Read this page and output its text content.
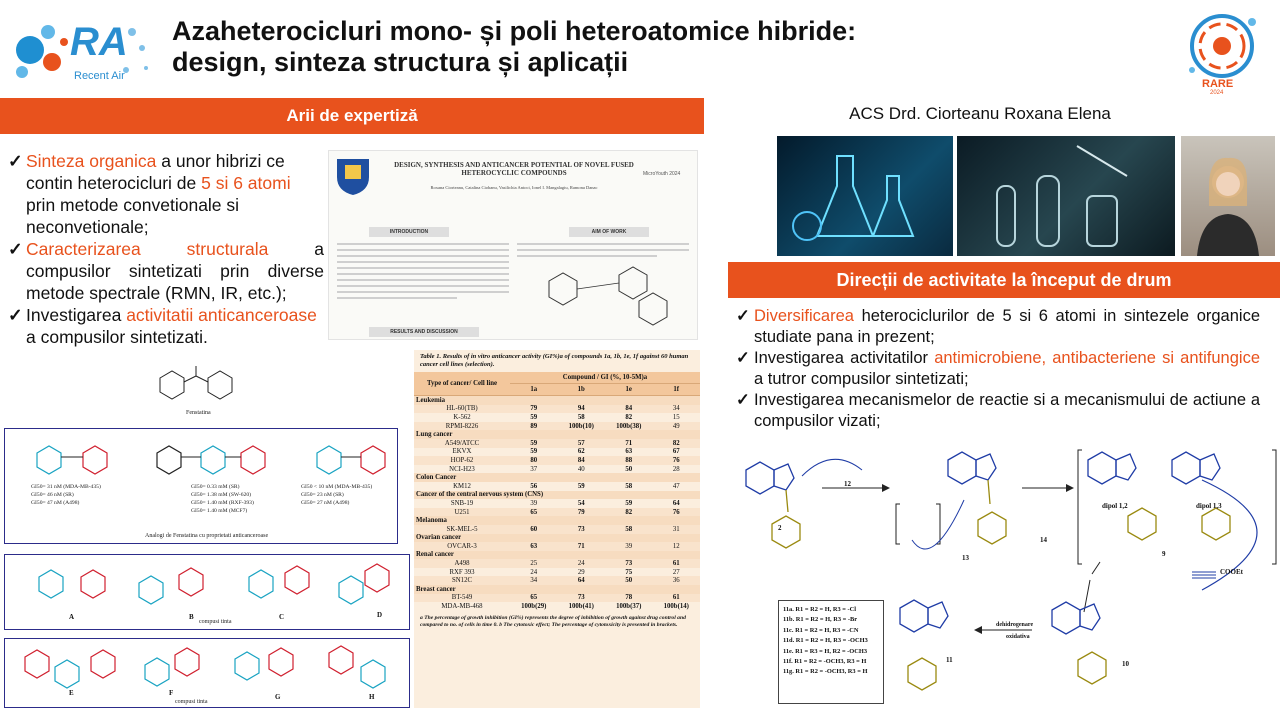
RA
Recent Air
Azaheterocicluri mono- și poli heteroatomice hibride:
design, sinteza structura și aplicații
RARE
2024
Arii de expertiză
✓ Sinteza organica a unor hibrizi ce contin heterocicluri de 5 si 6 atomi prin metode convetionale si neconvetionale;
✓ Caracterizarea structurala a compusilor sintetizati prin diverse metode spectrale (RMN, IR, etc.);
✓ Investigarea activitatii anticanceroase a compusilor sintetizati.
DESIGN, SYNTHESIS AND ANTICANCER POTENTIAL OF NOVEL FUSED HETEROCYCLIC COMPOUNDS
Roxana Ciorteanu, Catalina Ciobanu, Vasilichia Antoci, Ionel I. Mangalagiu, Ramona Danac
MicroYouth 2024
INTRODUCTION	AIM OF WORK
RESULTS AND DISCUSSION
Fenstatina
GI50= 31 nM (MDA-MB-435)
GI50= 46 nM (SR)
GI50= 47 nM (A498)
GI50= 0.33 mM (SR)
GI50= 1.38 mM (SW-620)
GI50= 1.40 mM (RXF-393)
GI50= 1.40 mM (MCF7)
GI50 < 10 nM (MDA-MB-435)
GI50= 23 nM (SR)
GI50= 27 nM (A498)
Analogi de Fenstatina cu proprietati anticanceroase
A	B	C	D
compusi tinta
E	F	G	H
compusi tinta
Table 1. Results of in vitro anticancer activity (GI%)a of compounds 1a, 1b, 1e, 1f against 60 human cancer cell lines (selection).
Type of cancer/ Cell line	Compound / GI (%, 10-5M)a			
	1a	1b	1e	1f
Leukemia				
HL-60(TB)	79	94	84	34
K-562	59	58	82	15
RPMI-8226	89	100b(10)	100b(38)	49
Lung cancer				
A549/ATCC	59	57	71	82
EKVX	59	62	63	67
HOP-62	80	84	88	76
NCI-H23	37	40	50	28
Colon Cancer				
KM12	56	59	58	47
Cancer of the central nervous system (CNS)				
SNB-19	39	54	59	64
U251	65	79	82	76
Melanoma				
SK-MEL-5	60	73	58	31
Ovarian cancer				
OVCAR-3	63	71	39	12
Renal cancer				
A498	25	24	73	61
RXF 393	24	29	75	27
SN12C	34	64	50	36
Breast cancer				
BT-549	65	73	78	61
MDA-MB-468	100b(29)	100b(41)	100b(37)	100b(14)
a The percentage of growth inhibition (GI%) represents the degree of inhibition of growth against drug control and compared to no. of cells in time 0. b The cytotoxic effect; The percentage of cytotoxicity is presented in brackets.
ACS Drd. Ciorteanu Roxana Elena
Direcții de activitate la început de drum
✓ Diversificarea heterociclurilor de 5 si 6 atomi in sintezele organice studiate pana in prezent;
✓ Investigarea activitatilor antimicrobiene, antibacteriene si antifungice a tutror compusilor sintetizati;
✓ Investigarea mecanismelor de reactie si a mecanismului de actiune a compusilor vizati;
2
12
13
14
dipol 1,2	dipol 1,3
9
10
11
COOEt
dehidrogenare
oxidativa
11a. R1 = R2 = H, R3 = -Cl
11b. R1 = R2 = H, R3 = -Br
11c. R1 = R2 = H, R3 = -CN
11d. R1 = R2 = H, R3 = -OCH3
11e. R1 = R3 = H, R2 = -OCH3
11f. R1 = R2 = -OCH3, R3 = H
11g. R1 = R2 = -OCH3, R3 = H
